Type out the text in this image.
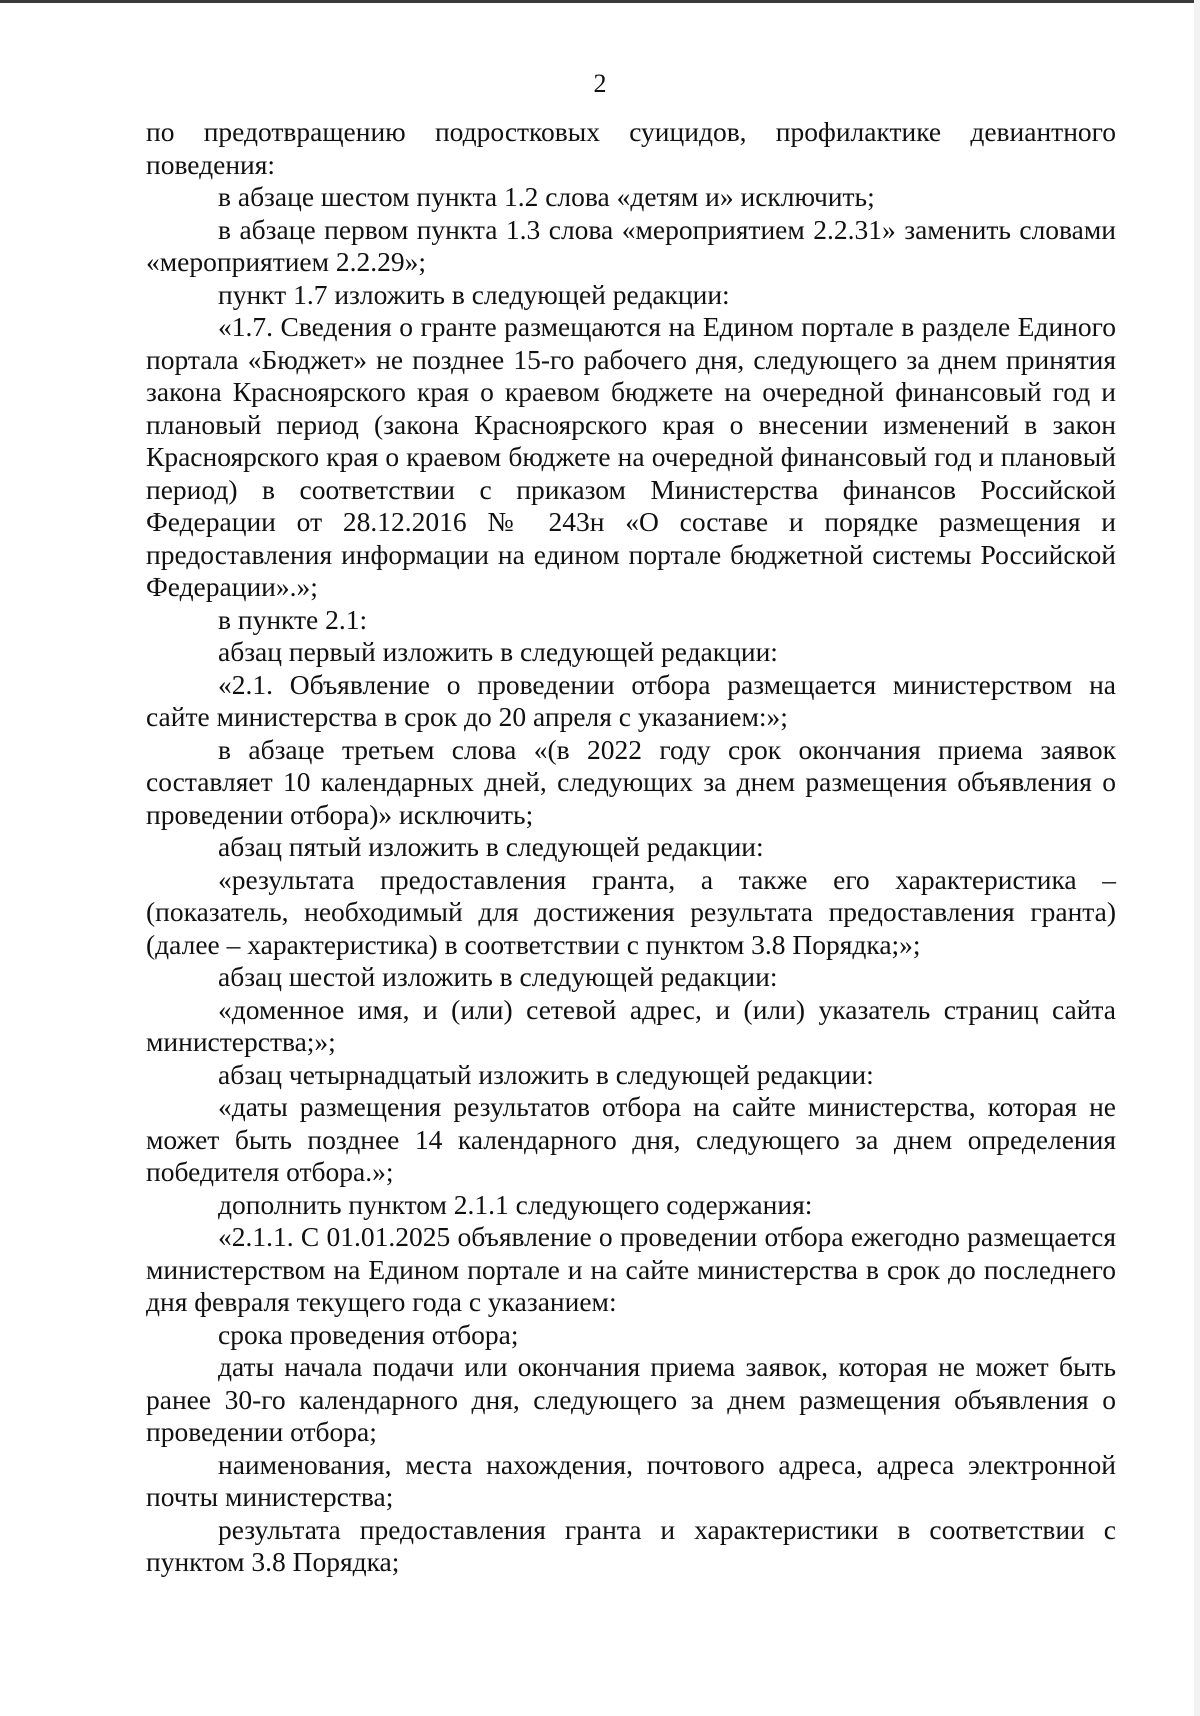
2

по предотвращению подростковых суицидов, профилактике девиантного поведения:

в абзаце шестом пункта 1.2 слова «детям и» исключить;

в абзаце первом пункта 1.3 слова «мероприятием 2.2.31» заменить словами «мероприятием 2.2.29»;

пункт 1.7 изложить в следующей редакции:

«1.7. Сведения о гранте размещаются на Едином портале в разделе Единого портала «Бюджет» не позднее 15-го рабочего дня, следующего за днем принятия закона Красноярского края о краевом бюджете на очередной финансовый год и плановый период (закона Красноярского края о внесении изменений в закон Красноярского края о краевом бюджете на очередной финансовый год и плановый период) в соответствии с приказом Министерства финансов Российской Федерации от 28.12.2016 № 243н «О составе и порядке размещения и предоставления информации на едином портале бюджетной системы Российской Федерации».»;

в пункте 2.1:

абзац первый изложить в следующей редакции:

«2.1. Объявление о проведении отбора размещается министерством на сайте министерства в срок до 20 апреля с указанием:»;

в абзаце третьем слова «(в 2022 году срок окончания приема заявок составляет 10 календарных дней, следующих за днем размещения объявления о проведении отбора)» исключить;

абзац пятый изложить в следующей редакции:

«результата предоставления гранта, а также его характеристика – (показатель, необходимый для достижения результата предоставления гранта) (далее – характеристика) в соответствии с пунктом 3.8 Порядка;»;

абзац шестой изложить в следующей редакции:

«доменное имя, и (или) сетевой адрес, и (или) указатель страниц сайта министерства;»;

абзац четырнадцатый изложить в следующей редакции:

«даты размещения результатов отбора на сайте министерства, которая не может быть позднее 14 календарного дня, следующего за днем определения победителя отбора.»;

дополнить пунктом 2.1.1 следующего содержания:

«2.1.1. С 01.01.2025 объявление о проведении отбора ежегодно размещается министерством на Едином портале и на сайте министерства в срок до последнего дня февраля текущего года с указанием:

срока проведения отбора;

даты начала подачи или окончания приема заявок, которая не может быть ранее 30-го календарного дня, следующего за днем размещения объявления о проведении отбора;

наименования, места нахождения, почтового адреса, адреса электронной почты министерства;

результата предоставления гранта и характеристики в соответствии с пунктом 3.8 Порядка;
